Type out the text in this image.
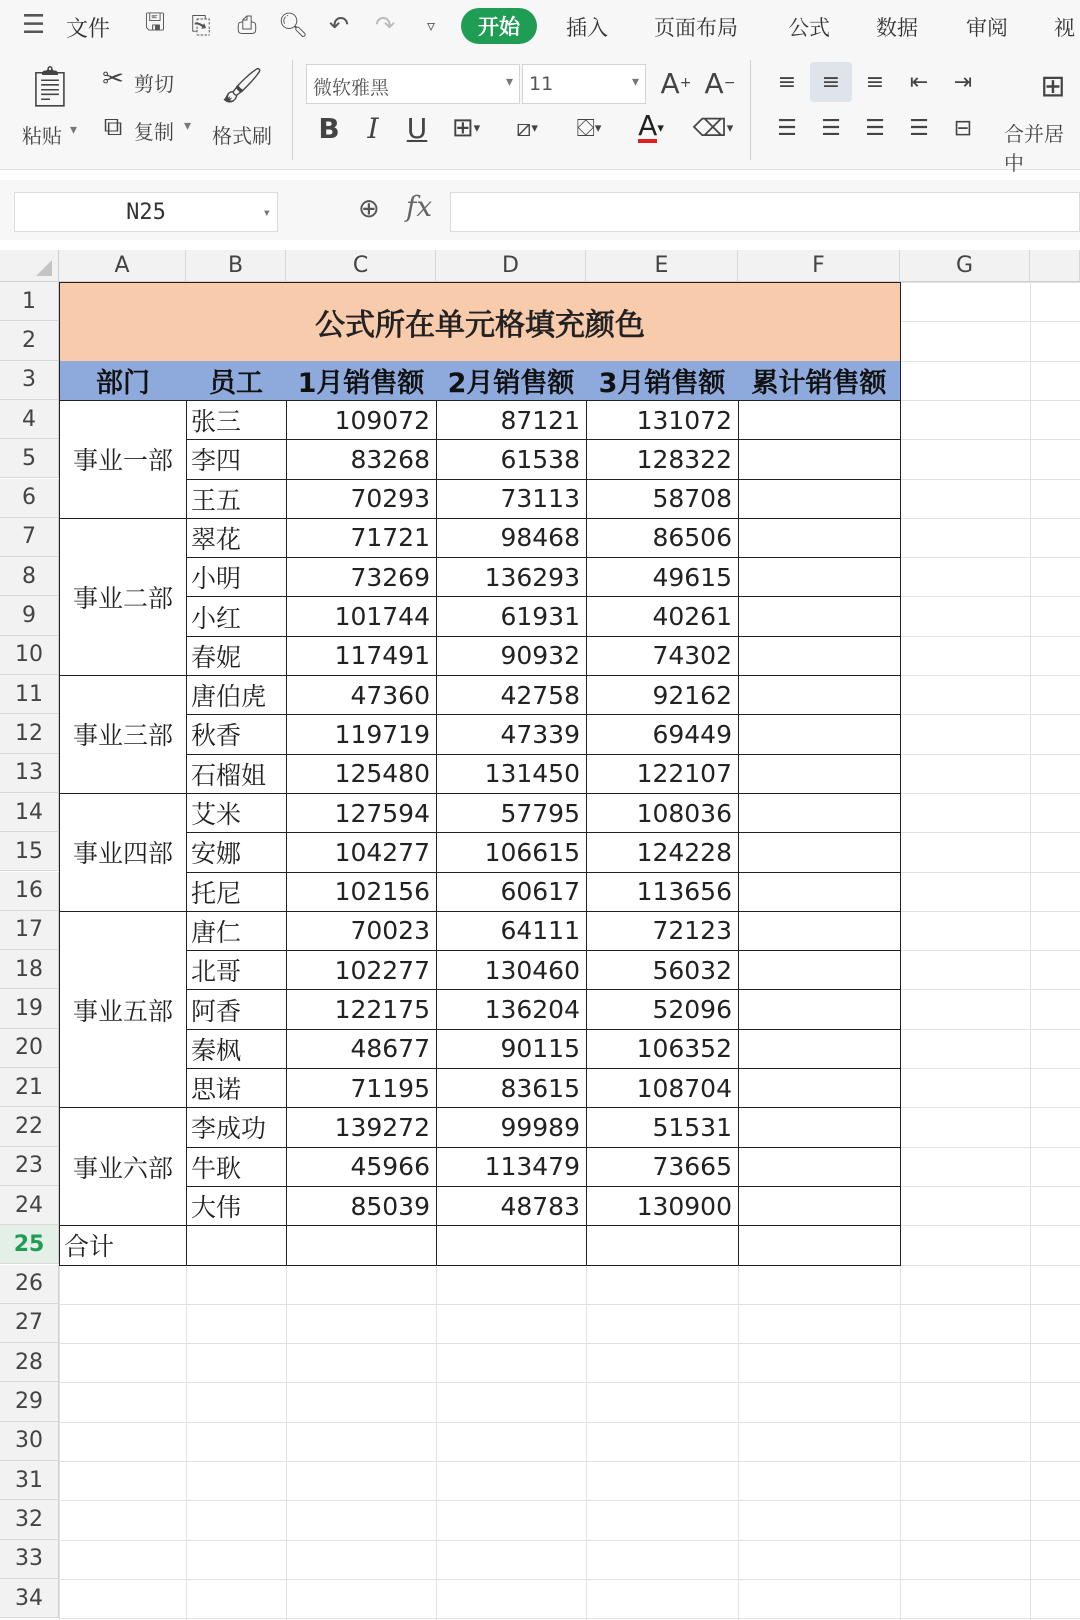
☰ 文件	🖫	⎘	⎙ 🔍︎ ↶	↷	▿	开始	插入 页面布局 公式 数据 审阅 视
📋︎
粘贴 ▾
✂ 剪切
⧉ 复制 ▾
🖌︎
格式刷
微软雅黑	▾ 11	▾ A + A −
B I	U ⊞ ▾	⧄ ▾	⛋ ▾ A ▾ ⌫ ▾
≡	≡	≡	⇤	⇥
☰	☰	☰	☰	⊟
⊞
合并居中
N25	▾	⊕ fx
A	B	C	D	E	F	G
1
2
3
4
5
6
7
8
9
10
11
12
13
14
15
16
17
18
19
20
21
22
23
24
25
26
27
28
29
30
31
32
33
34
公式所在单元格填充颜色
部门	员工	1月销售额 2月销售额 3月销售额 累计销售额
事业一部
事业二部
事业三部
事业四部
事业五部
事业六部
张三	109072	87121	131072
李四	83268	61538	128322
王五	70293	73113	58708
翠花	71721	98468	86506
小明	73269	136293	49615
小红	101744	61931	40261
春妮	117491	90932	74302
唐伯虎	47360	42758	92162
秋香	119719	47339	69449
石榴姐	125480	131450	122107
艾米	127594	57795	108036
安娜	104277	106615	124228
托尼	102156	60617	113656
唐仁	70023	64111	72123
北哥	102277	130460	56032
阿香	122175	136204	52096
秦枫	48677	90115	106352
思诺	71195	83615	108704
李成功	139272	99989	51531
牛耿	45966	113479	73665
大伟	85039	48783	130900
合计
